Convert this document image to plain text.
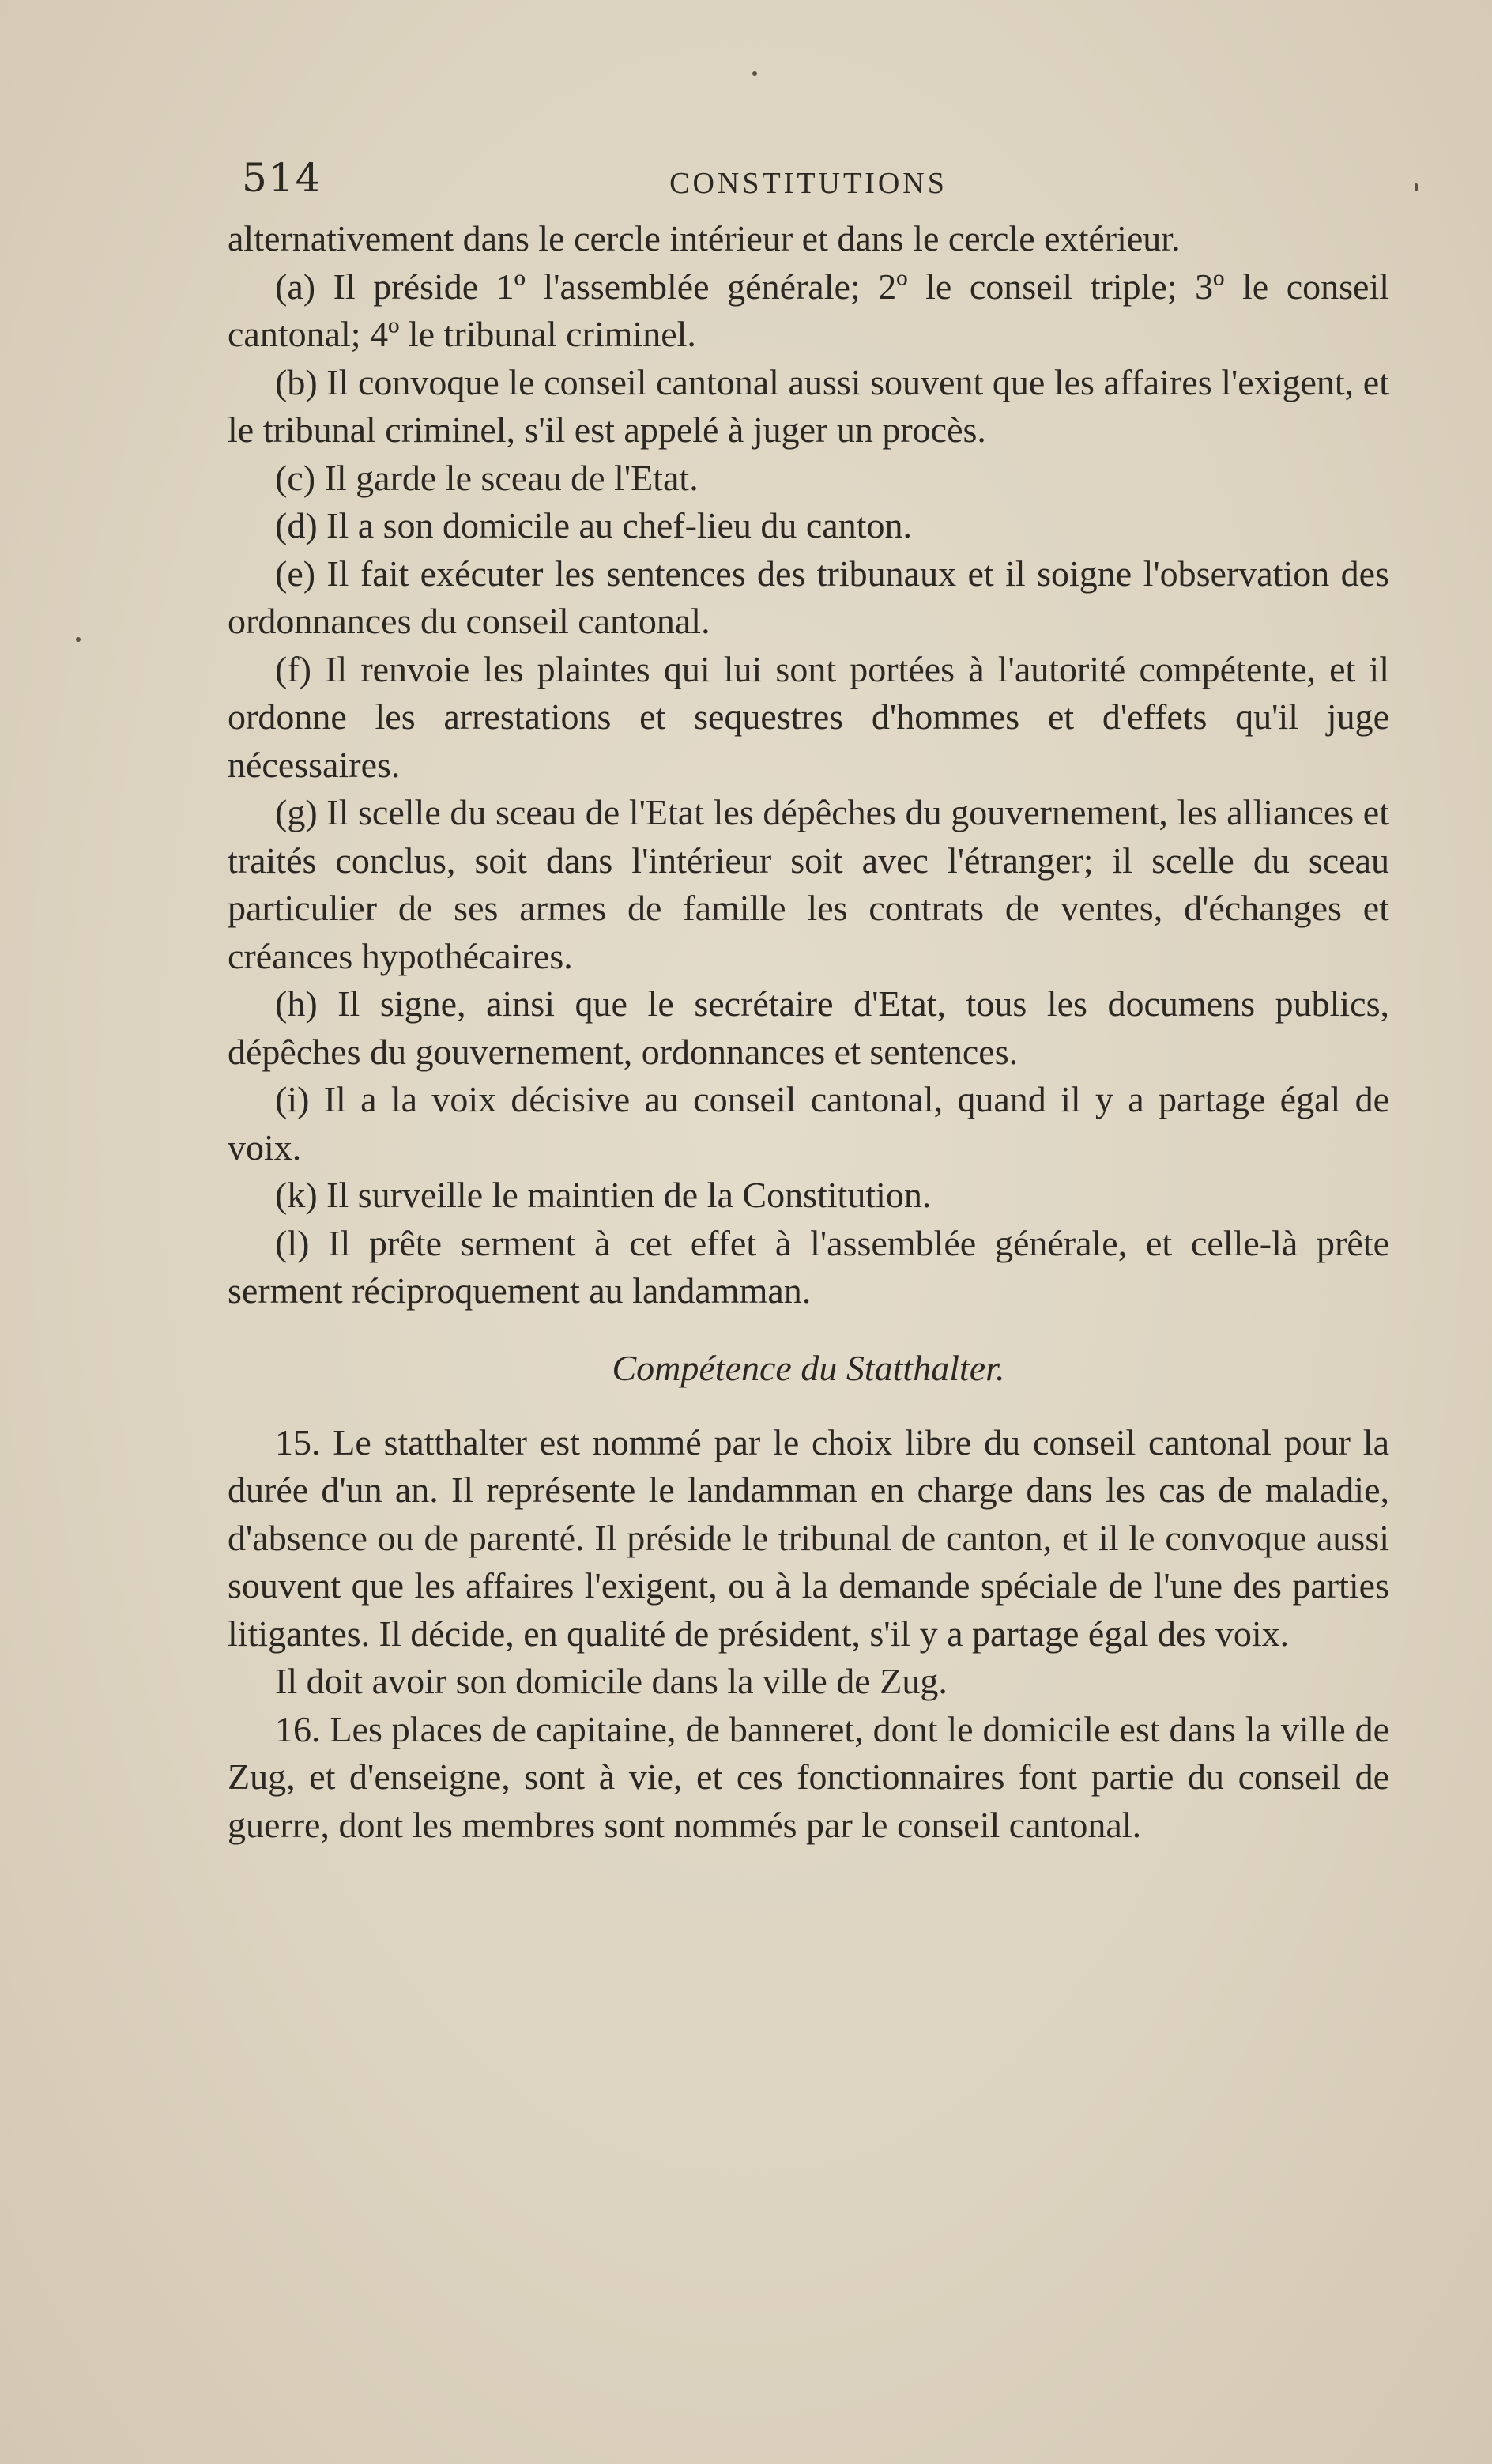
514	CONSTITUTIONS

alternativement dans le cercle intérieur et dans le cercle extérieur.

(a) Il préside 1º l'assemblée générale; 2º le conseil triple; 3º le conseil cantonal; 4º le tribunal criminel.

(b) Il convoque le conseil cantonal aussi souvent que les affaires l'exigent, et le tribunal criminel, s'il est appelé à juger un procès.

(c) Il garde le sceau de l'Etat.

(d) Il a son domicile au chef-lieu du canton.

(e) Il fait exécuter les sentences des tribunaux et il soigne l'observation des ordonnances du conseil cantonal.

(f) Il renvoie les plaintes qui lui sont portées à l'autorité compétente, et il ordonne les arrestations et sequestres d'hommes et d'effets qu'il juge nécessaires.

(g) Il scelle du sceau de l'Etat les dépêches du gouvernement, les alliances et traités conclus, soit dans l'intérieur soit avec l'étranger; il scelle du sceau particulier de ses armes de famille les contrats de ventes, d'échanges et créances hypothécaires.

(h) Il signe, ainsi que le secrétaire d'Etat, tous les documens publics, dépêches du gouvernement, ordonnances et sentences.

(i) Il a la voix décisive au conseil cantonal, quand il y a partage égal de voix.

(k) Il surveille le maintien de la Constitution.

(l) Il prête serment à cet effet à l'assemblée générale, et celle-là prête serment réciproquement au landamman.

Compétence du Statthalter.

15. Le statthalter est nommé par le choix libre du conseil cantonal pour la durée d'un an. Il représente le landamman en charge dans les cas de maladie, d'absence ou de parenté. Il préside le tribunal de canton, et il le convoque aussi souvent que les affaires l'exigent, ou à la demande spéciale de l'une des parties litigantes. Il décide, en qualité de président, s'il y a partage égal des voix.

Il doit avoir son domicile dans la ville de Zug.

16. Les places de capitaine, de banneret, dont le domicile est dans la ville de Zug, et d'enseigne, sont à vie, et ces fonctionnaires font partie du conseil de guerre, dont les membres sont nommés par le conseil cantonal.
